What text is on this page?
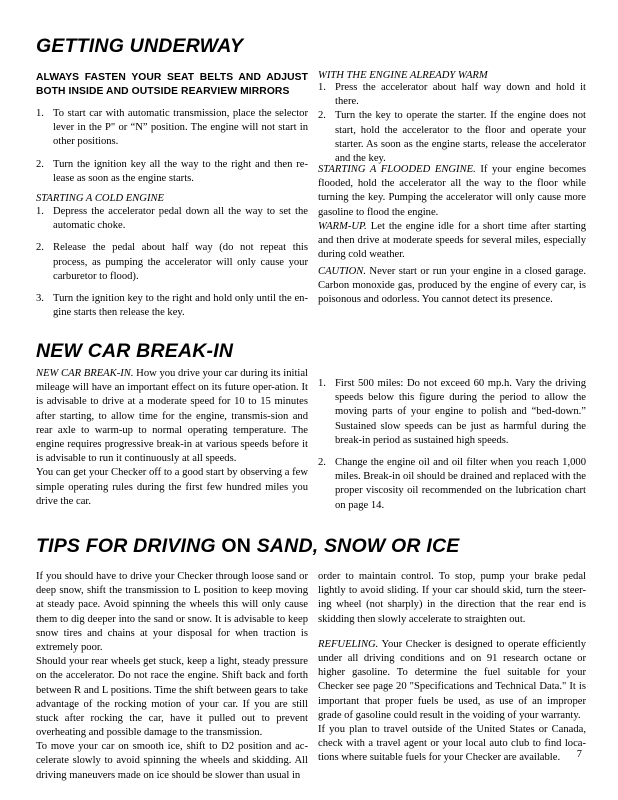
GETTING UNDERWAY
ALWAYS FASTEN YOUR SEAT BELTS AND ADJUST
BOTH INSIDE AND OUTSIDE REARVIEW MIRRORS
1. To start car with automatic transmission, place the selector lever in the P" or “N” position. The engine will not start in other positions.
2. Turn the ignition key all the way to the right and then re-lease as soon as the engine starts.
STARTING A COLD ENGINE
1. Depress the accelerator pedal down all the way to set the automatic choke.
2. Release the pedal about half way (do not repeat this process, as pumping the accelerator will only cause your carburetor to flood).
3. Turn the ignition key to the right and hold only until the en-gine starts then release the key.
WITH THE ENGINE ALREADY WARM
1. Press the accelerator about half way down and hold it there.
2. Turn the key to operate the starter. If the engine does not start, hold the accelerator to the floor and operate your starter. As soon as the engine starts, release the accelerator and the key.

STARTING A FLOODED ENGINE. If your engine becomes flooded, hold the accelerator all the way to the floor while turning the key. Pumping the accelerator will only cause more gasoline to flood the engine.

WARM-UP. Let the engine idle for a short time after starting and then drive at moderate speeds for several miles, especially during cold weather.

CAUTION. Never start or run your engine in a closed garage. Carbon monoxide gas, produced by the engine of every car, is poisonous and odorless. You cannot detect its presence.

NEW CAR BREAK-IN

NEW CAR BREAK-IN. How you drive your car during its initial mileage will have an important effect on its future oper-ation. It is advisable to drive at a moderate speed for 10 to 15 minutes after starting, to allow time for the engine, transmis-sion and rear axle to warm-up to normal operating temperature. The engine requires progressive break-in at various speeds before it is advisable to run it continuously at all speeds.

You can get your Checker off to a good start by observing a few simple operating rules during the first few hundred miles you drive the car.

1. First 500 miles: Do not exceed 60 mp.h. Vary the driving speeds below this figure during the period to allow the moving parts of your engine to polish and “bed-down.” Sustained slow speeds can be just as harmful during the break-in period as sustained high speeds.
2. Change the engine oil and oil filter when you reach 1,000 miles. Break-in oil should be drained and replaced with the proper viscosity oil recommended on the lubrication chart on page 14.
TIPS FOR DRIVING ON SAND, SNOW OR ICE

If you should have to drive your Checker through loose sand or deep snow, shift the transmission to L position to keep moving at steady pace. Avoid spinning the wheels this will only cause them to dig deeper into the sand or snow. It is advisable to keep snow tires and chains at your disposal for when traction is extremely poor.

Should your rear wheels get stuck, keep a light, steady pressure on the accelerator. Do not race the engine. Shift back and forth between R and L positions. Time the shift between gears to take advantage of the rocking motion of your car. If you are still stuck after rocking the car, have it pulled out to prevent overheating and possible damage to the transmission.

To move your car on smooth ice, shift to D2 position and ac-celerate slowly to avoid spinning the wheels and skidding. All driving maneuvers made on ice should be slower than usual in

order to maintain control. To stop, pump your brake pedal lightly to avoid sliding. If your car should skid, turn the steer-ing wheel (not sharply) in the direction that the rear end is skidding then slowly accelerate to straighten out.

REFUELING. Your Checker is designed to operate efficiently under all driving conditions and on 91 research octane or higher gasoline. To determine the fuel suitable for your Checker see page 20 "Specifications and Technical Data." It is important that proper fuels be used, as use of an improper grade of gasoline could result in the voiding of your warranty.

If you plan to travel outside of the United States or Canada, check with a travel agent or your local auto club to find loca-tions where suitable fuels for your Checker are available.	7
